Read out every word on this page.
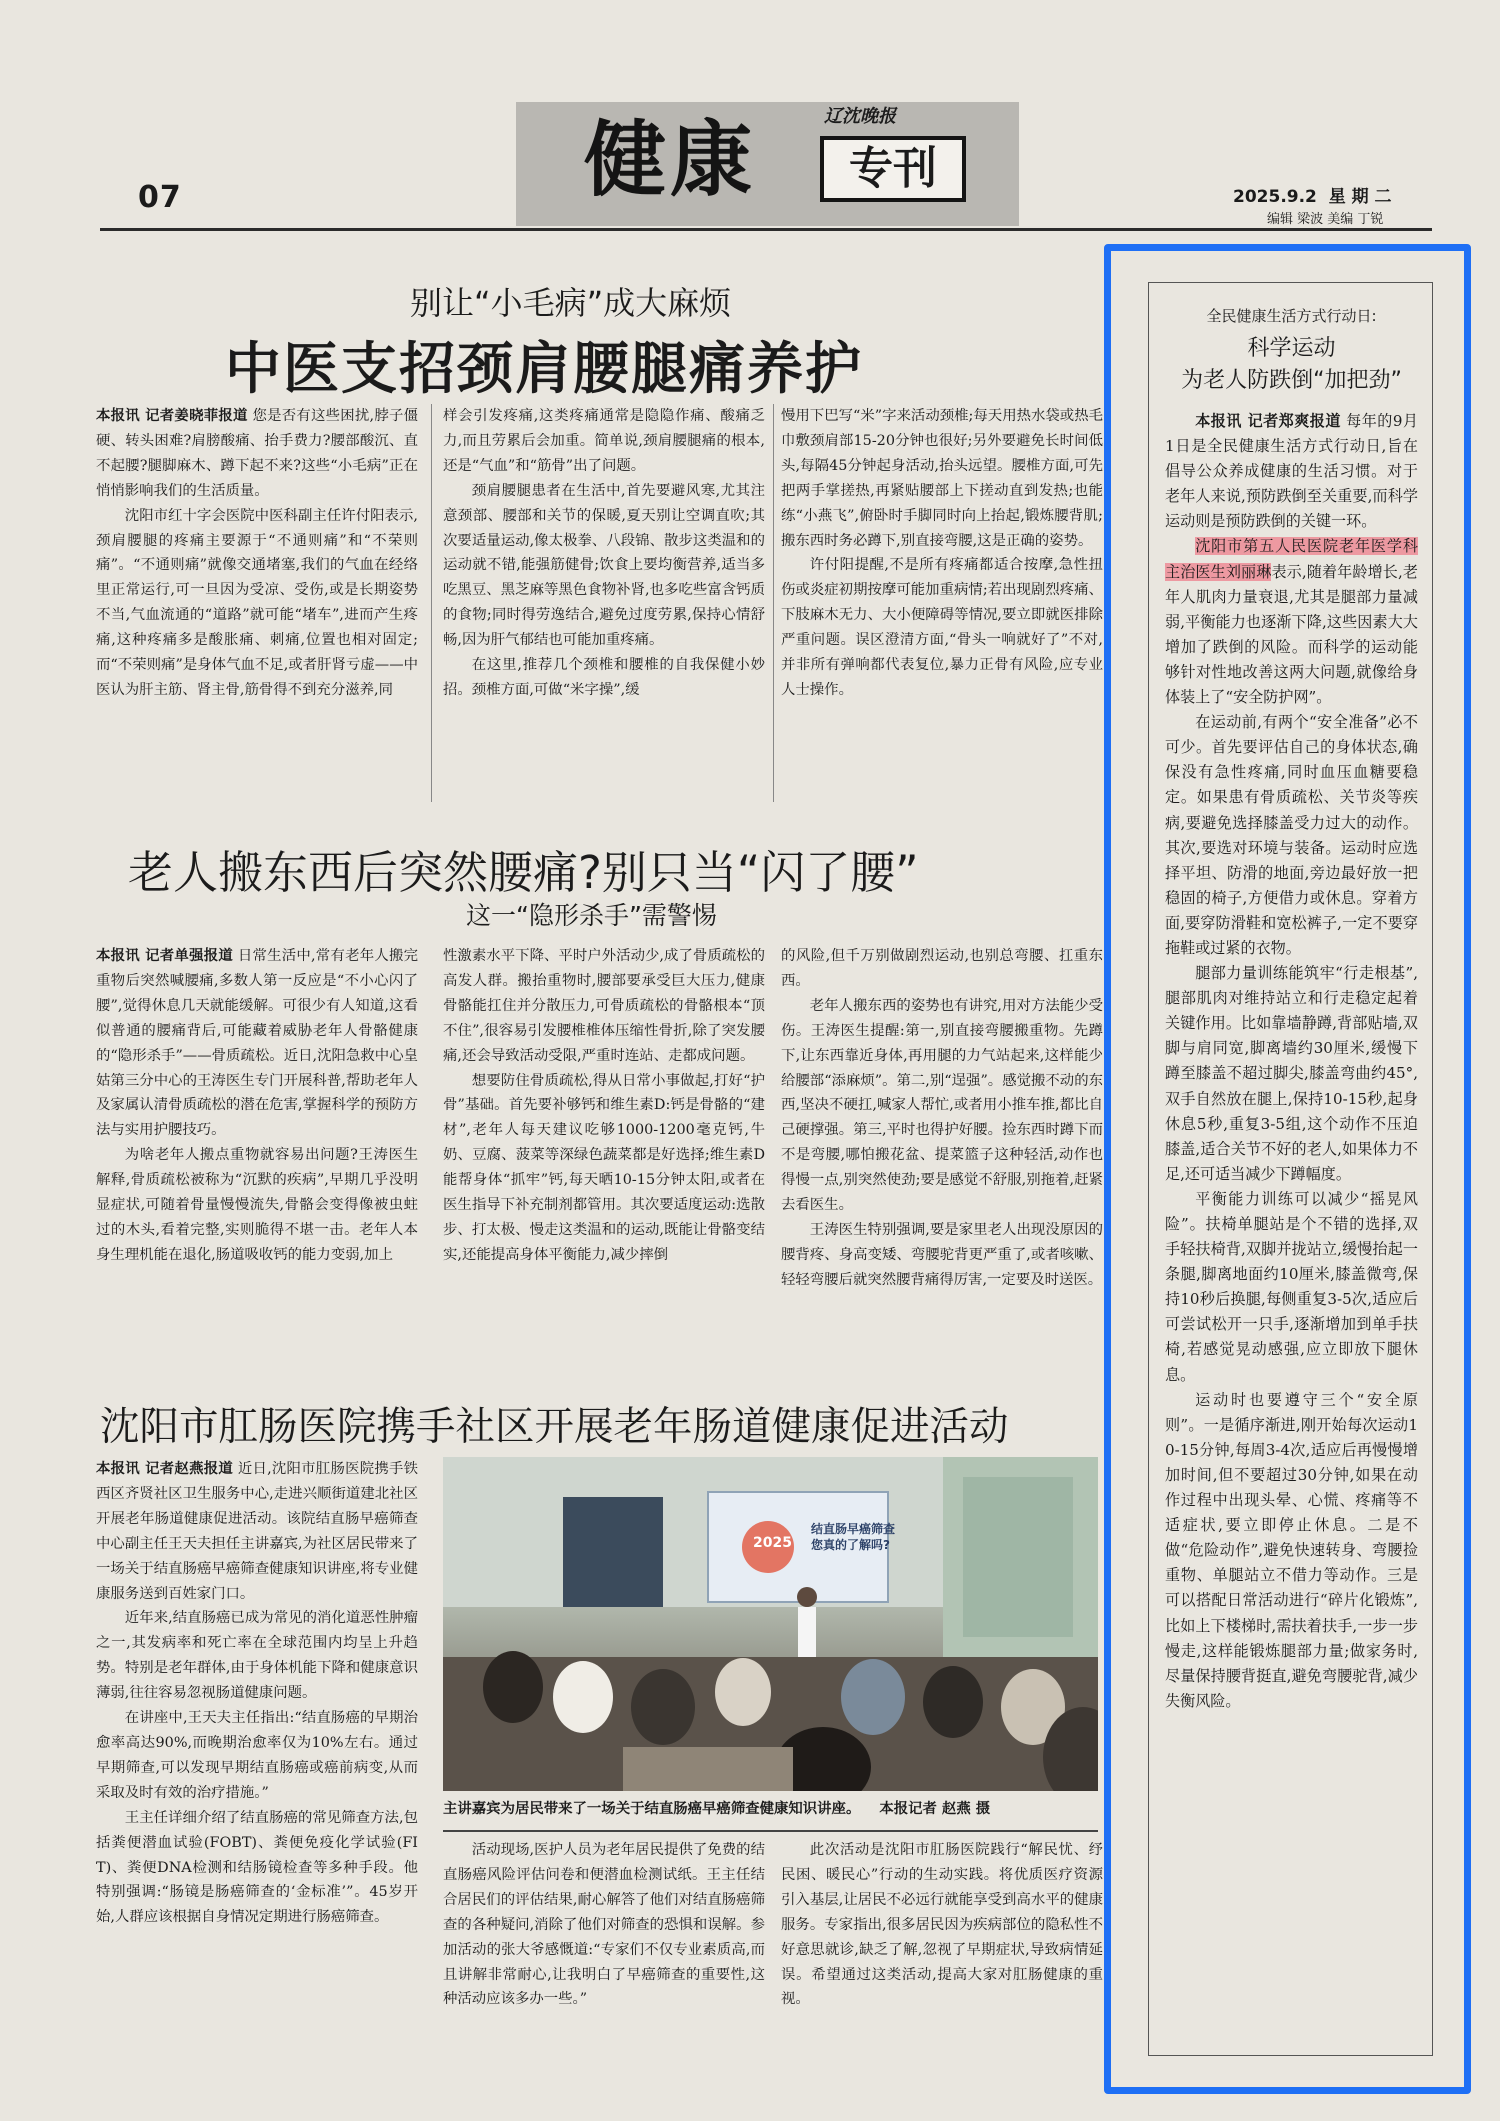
07	健康	辽沈晚报
专刊
2025.9.2  星 期 二
编辑 梁波 美编 丁锐
别让“小毛病”成大麻烦
中医支招颈肩腰腿痛养护

本报讯 记者姜晓菲报道 您是否有这些困扰,脖子僵硬、转头困难?肩膀酸痛、抬手费力?腰部酸沉、直不起腰?腿脚麻木、蹲下起不来?这些“小毛病”正在悄悄影响我们的生活质量。

沈阳市红十字会医院中医科副主任许付阳表示,颈肩腰腿的疼痛主要源于“不通则痛”和“不荣则痛”。“不通则痛”就像交通堵塞,我们的气血在经络里正常运行,可一旦因为受凉、受伤,或是长期姿势不当,气血流通的“道路”就可能“堵车”,进而产生疼痛,这种疼痛多是酸胀痛、刺痛,位置也相对固定;而“不荣则痛”是身体气血不足,或者肝肾亏虚——中医认为肝主筋、肾主骨,筋骨得不到充分滋养,同

样会引发疼痛,这类疼痛通常是隐隐作痛、酸痛乏力,而且劳累后会加重。简单说,颈肩腰腿痛的根本,还是“气血”和“筋骨”出了问题。

颈肩腰腿患者在生活中,首先要避风寒,尤其注意颈部、腰部和关节的保暖,夏天别让空调直吹;其次要适量运动,像太极拳、八段锦、散步这类温和的运动就不错,能强筋健骨;饮食上要均衡营养,适当多吃黑豆、黑芝麻等黑色食物补肾,也多吃些富含钙质的食物;同时得劳逸结合,避免过度劳累,保持心情舒畅,因为肝气郁结也可能加重疼痛。

在这里,推荐几个颈椎和腰椎的自我保健小妙招。颈椎方面,可做“米字操”,缓

慢用下巴写“米”字来活动颈椎;每天用热水袋或热毛巾敷颈肩部15-20分钟也很好;另外要避免长时间低头,每隔45分钟起身活动,抬头远望。腰椎方面,可先把两手掌搓热,再紧贴腰部上下搓动直到发热;也能练“小燕飞”,俯卧时手脚同时向上抬起,锻炼腰背肌;搬东西时务必蹲下,别直接弯腰,这是正确的姿势。

许付阳提醒,不是所有疼痛都适合按摩,急性扭伤或炎症初期按摩可能加重病情;若出现剧烈疼痛、下肢麻木无力、大小便障碍等情况,要立即就医排除严重问题。误区澄清方面,“骨头一响就好了”不对,并非所有弹响都代表复位,暴力正骨有风险,应专业人士操作。

老人搬东西后突然腰痛?别只当“闪了腰”
这一“隐形杀手”需警惕

本报讯 记者单强报道 日常生活中,常有老年人搬完重物后突然喊腰痛,多数人第一反应是“不小心闪了腰”,觉得休息几天就能缓解。可很少有人知道,这看似普通的腰痛背后,可能藏着威胁老年人骨骼健康的“隐形杀手”——骨质疏松。近日,沈阳急救中心皇姑第三分中心的王涛医生专门开展科普,帮助老年人及家属认清骨质疏松的潜在危害,掌握科学的预防方法与实用护腰技巧。

为啥老年人搬点重物就容易出问题?王涛医生解释,骨质疏松被称为“沉默的疾病”,早期几乎没明显症状,可随着骨量慢慢流失,骨骼会变得像被虫蛀过的木头,看着完整,实则脆得不堪一击。老年人本身生理机能在退化,肠道吸收钙的能力变弱,加上

性激素水平下降、平时户外活动少,成了骨质疏松的高发人群。搬抬重物时,腰部要承受巨大压力,健康骨骼能扛住并分散压力,可骨质疏松的骨骼根本“顶不住”,很容易引发腰椎椎体压缩性骨折,除了突发腰痛,还会导致活动受限,严重时连站、走都成问题。

想要防住骨质疏松,得从日常小事做起,打好“护骨”基础。首先要补够钙和维生素D:钙是骨骼的“建材”,老年人每天建议吃够1000-1200毫克钙,牛奶、豆腐、菠菜等深绿色蔬菜都是好选择;维生素D能帮身体“抓牢”钙,每天晒10-15分钟太阳,或者在医生指导下补充制剂都管用。其次要适度运动:选散步、打太极、慢走这类温和的运动,既能让骨骼变结实,还能提高身体平衡能力,减少摔倒

的风险,但千万别做剧烈运动,也别总弯腰、扛重东西。

老年人搬东西的姿势也有讲究,用对方法能少受伤。王涛医生提醒:第一,别直接弯腰搬重物。先蹲下,让东西靠近身体,再用腿的力气站起来,这样能少给腰部“添麻烦”。第二,别“逞强”。感觉搬不动的东西,坚决不硬扛,喊家人帮忙,或者用小推车推,都比自己硬撑强。第三,平时也得护好腰。捡东西时蹲下而不是弯腰,哪怕搬花盆、提菜篮子这种轻活,动作也得慢一点,别突然使劲;要是感觉不舒服,别拖着,赶紧去看医生。

王涛医生特别强调,要是家里老人出现没原因的腰背疼、身高变矮、弯腰驼背更严重了,或者咳嗽、轻轻弯腰后就突然腰背痛得厉害,一定要及时送医。

沈阳市肛肠医院携手社区开展老年肠道健康促进活动

本报讯 记者赵燕报道 近日,沈阳市肛肠医院携手铁西区齐贤社区卫生服务中心,走进兴顺街道建北社区开展老年肠道健康促进活动。该院结直肠早癌筛查中心副主任王天夫担任主讲嘉宾,为社区居民带来了一场关于结直肠癌早癌筛查健康知识讲座,将专业健康服务送到百姓家门口。

近年来,结直肠癌已成为常见的消化道恶性肿瘤之一,其发病率和死亡率在全球范围内均呈上升趋势。特别是老年群体,由于身体机能下降和健康意识薄弱,往往容易忽视肠道健康问题。

在讲座中,王天夫主任指出:“结直肠癌的早期治愈率高达90%,而晚期治愈率仅为10%左右。通过早期筛查,可以发现早期结直肠癌或癌前病变,从而采取及时有效的治疗措施。”

王主任详细介绍了结直肠癌的常见筛查方法,包括粪便潜血试验(FOBT)、粪便免疫化学试验(FIT)、粪便DNA检测和结肠镜检查等多种手段。他特别强调:“肠镜是肠癌筛查的‘金标准’”。45岁开始,人群应该根据自身情况定期进行肠癌筛查。

2025
结直肠早癌筛查
您真的了解吗?
主讲嘉宾为居民带来了一场关于结直肠癌早癌筛查健康知识讲座。 本报记者 赵燕 摄

活动现场,医护人员为老年居民提供了免费的结直肠癌风险评估问卷和便潜血检测试纸。王主任结合居民们的评估结果,耐心解答了他们对结直肠癌筛查的各种疑问,消除了他们对筛查的恐惧和误解。参加活动的张大爷感慨道:“专家们不仅专业素质高,而且讲解非常耐心,让我明白了早癌筛查的重要性,这种活动应该多办一些。”

此次活动是沈阳市肛肠医院践行“解民忧、纾民困、暖民心”行动的生动实践。将优质医疗资源引入基层,让居民不必远行就能享受到高水平的健康服务。专家指出,很多居民因为疾病部位的隐私性不好意思就诊,缺乏了解,忽视了早期症状,导致病情延误。希望通过这类活动,提高大家对肛肠健康的重视。

全民健康生活方式行动日:
科学运动
为老人防跌倒“加把劲”

本报讯 记者郑爽报道 每年的9月1日是全民健康生活方式行动日,旨在倡导公众养成健康的生活习惯。对于老年人来说,预防跌倒至关重要,而科学运动则是预防跌倒的关键一环。

沈阳市第五人民医院老年医学科主治医生刘丽琳表示,随着年龄增长,老年人肌肉力量衰退,尤其是腿部力量减弱,平衡能力也逐渐下降,这些因素大大增加了跌倒的风险。而科学的运动能够针对性地改善这两大问题,就像给身体装上了“安全防护网”。

在运动前,有两个“安全准备”必不可少。首先要评估自己的身体状态,确保没有急性疼痛,同时血压血糖要稳定。如果患有骨质疏松、关节炎等疾病,要避免选择膝盖受力过大的动作。其次,要选对环境与装备。运动时应选择平坦、防滑的地面,旁边最好放一把稳固的椅子,方便借力或休息。穿着方面,要穿防滑鞋和宽松裤子,一定不要穿拖鞋或过紧的衣物。

腿部力量训练能筑牢“行走根基”,腿部肌肉对维持站立和行走稳定起着关键作用。比如靠墙静蹲,背部贴墙,双脚与肩同宽,脚离墙约30厘米,缓慢下蹲至膝盖不超过脚尖,膝盖弯曲约45°,双手自然放在腿上,保持10-15秒,起身休息5秒,重复3-5组,这个动作不压迫膝盖,适合关节不好的老人,如果体力不足,还可适当减少下蹲幅度。

平衡能力训练可以减少“摇晃风险”。扶椅单腿站是个不错的选择,双手轻扶椅背,双脚并拢站立,缓慢抬起一条腿,脚离地面约10厘米,膝盖微弯,保持10秒后换腿,每侧重复3-5次,适应后可尝试松开一只手,逐渐增加到单手扶椅,若感觉晃动感强,应立即放下腿休息。

运动时也要遵守三个“安全原则”。一是循序渐进,刚开始每次运动10-15分钟,每周3-4次,适应后再慢慢增加时间,但不要超过30分钟,如果在动作过程中出现头晕、心慌、疼痛等不适症状,要立即停止休息。二是不做“危险动作”,避免快速转身、弯腰捡重物、单腿站立不借力等动作。三是可以搭配日常活动进行“碎片化锻炼”,比如上下楼梯时,需扶着扶手,一步一步慢走,这样能锻炼腿部力量;做家务时,尽量保持腰背挺直,避免弯腰驼背,减少失衡风险。
